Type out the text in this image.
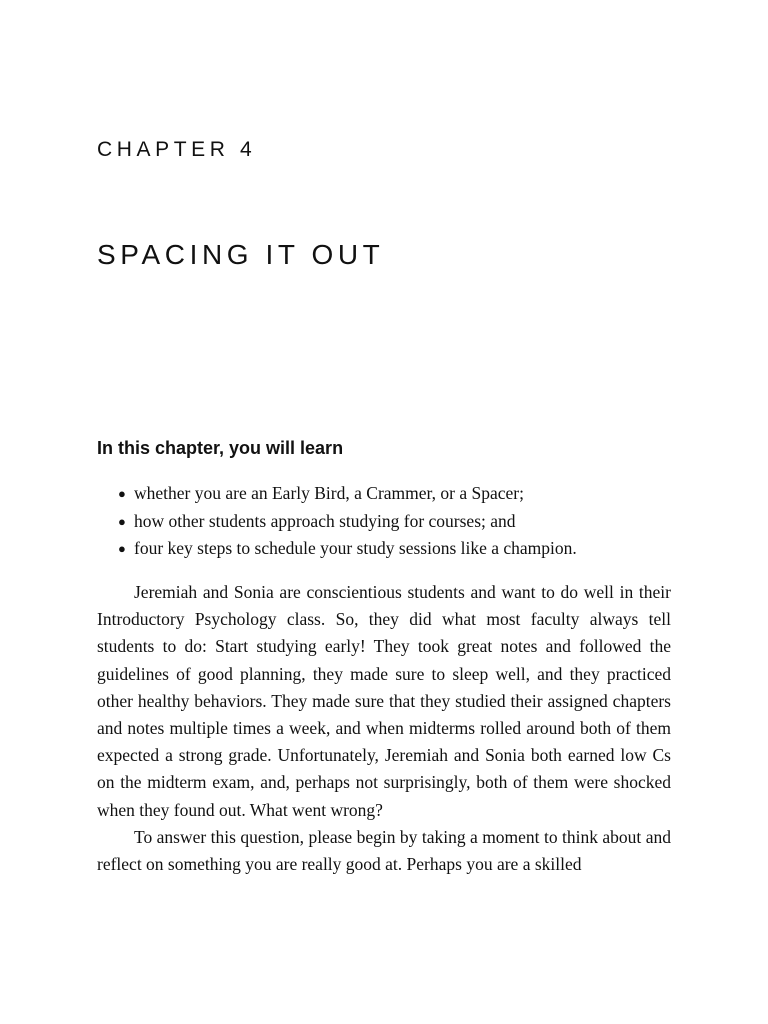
CHAPTER 4
SPACING IT OUT
In this chapter, you will learn
● whether you are an Early Bird, a Crammer, or a Spacer;
● how other students approach studying for courses; and
● four key steps to schedule your study sessions like a champion.

Jeremiah and Sonia are conscientious students and want to do well in their Introductory Psychology class. So, they did what most faculty always tell students to do: Start studying early! They took great notes and followed the guidelines of good planning, they made sure to sleep well, and they practiced other healthy behaviors. They made sure that they studied their assigned chapters and notes multiple times a week, and when midterms rolled around both of them expected a strong grade. Unfortunately, Jeremiah and Sonia both earned low Cs on the midterm exam, and, perhaps not surprisingly, both of them were shocked when they found out. What went wrong?

To answer this question, please begin by taking a moment to think about and reflect on something you are really good at. Perhaps you are a skilled
